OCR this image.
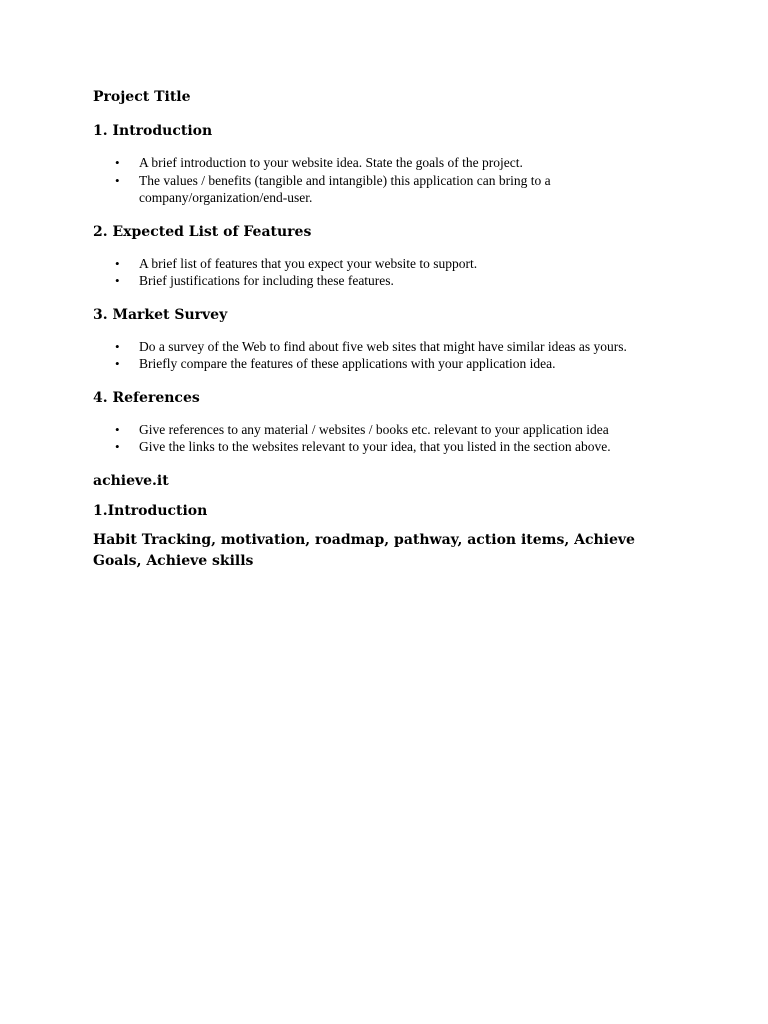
Project Title
1. Introduction
• A brief introduction to your website idea. State the goals of the project.
• The values / benefits (tangible and intangible) this application can bring to a company/organization/end-user.
2. Expected List of Features
• A brief list of features that you expect your website to support.
• Brief justifications for including these features.
3. Market Survey
• Do a survey of the Web to find about five web sites that might have similar ideas as yours.
• Briefly compare the features of these applications with your application idea.
4. References
• Give references to any material / websites / books etc. relevant to your application idea
• Give the links to the websites relevant to your idea, that you listed in the section above.
achieve.it
1.Introduction

Habit Tracking, motivation, roadmap, pathway, action items, Achieve Goals, Achieve skills
